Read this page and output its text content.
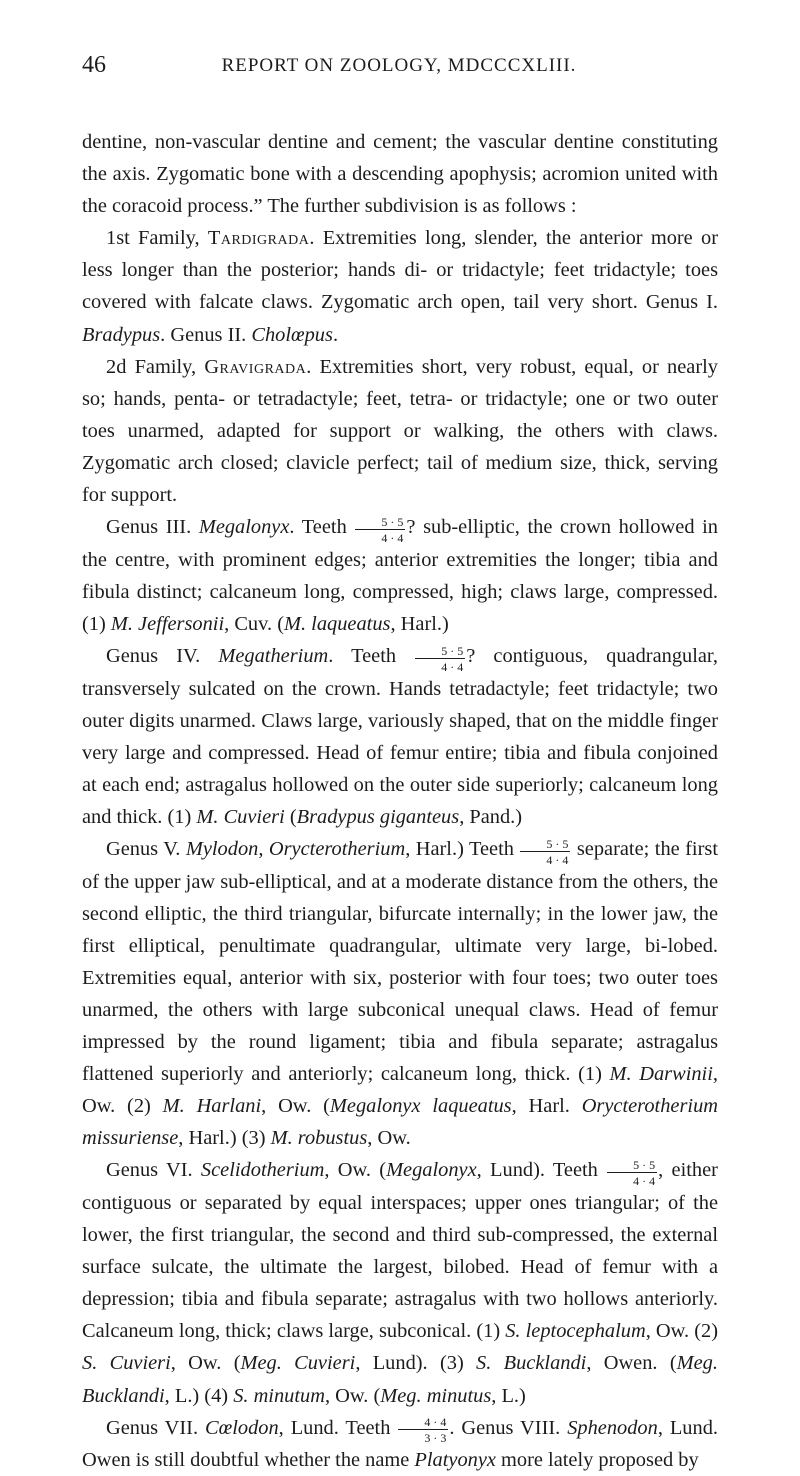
46	REPORT ON ZOOLOGY, MDCCCXLIII.

dentine, non-vascular dentine and cement; the vascular dentine constituting the axis. Zygomatic bone with a descending apophysis; acromion united with the coracoid process.” The further subdivision is as follows :

1st Family, Tardigrada. Extremities long, slender, the anterior more or less longer than the posterior; hands di- or tridactyle; feet tridactyle; toes covered with falcate claws. Zygomatic arch open, tail very short. Genus I. Bradypus. Genus II. Cholœpus.

2d Family, Gravigrada. Extremities short, very robust, equal, or nearly so; hands, penta- or tetradactyle; feet, tetra- or tridactyle; one or two outer toes unarmed, adapted for support or walking, the others with claws. Zygomatic arch closed; clavicle perfect; tail of medium size, thick, serving for support.

Genus III. Megalonyx. Teeth $\frac{5 \cdot 5}{4 \cdot 4}$ ? sub-elliptic, the crown hollowed in the centre, with prominent edges; anterior extremities the longer; tibia and fibula distinct; calcaneum long, compressed, high; claws large, compressed. (1) M. Jeffersonii, Cuv. (M. laqueatus, Harl.)

Genus IV. Megatherium. Teeth $\frac{5 \cdot 5}{4 \cdot 4}$ ? contiguous, quadrangular, transversely sulcated on the crown. Hands tetradactyle; feet tridactyle; two outer digits unarmed. Claws large, variously shaped, that on the middle finger very large and compressed. Head of femur entire; tibia and fibula conjoined at each end; astragalus hollowed on the outer side superiorly; calcaneum long and thick. (1) M. Cuvieri (Bradypus giganteus, Pand.)

Genus V. Mylodon, Orycterotherium, Harl.) Teeth $\frac{5 \cdot 5}{4 \cdot 4}$ separate; the first of the upper jaw sub-elliptical, and at a moderate distance from the others, the second elliptic, the third triangular, bifurcate internally; in the lower jaw, the first elliptical, penultimate quadrangular, ultimate very large, bi-lobed. Extremities equal, anterior with six, posterior with four toes; two outer toes unarmed, the others with large subconical unequal claws. Head of femur impressed by the round ligament; tibia and fibula separate; astragalus flattened superiorly and anteriorly; calcaneum long, thick. (1) M. Darwinii, Ow. (2) M. Harlani, Ow. (Megalonyx laqueatus, Harl. Orycterotherium missuriense, Harl.) (3) M. robustus, Ow.

Genus VI. Scelidotherium, Ow. (Megalonyx, Lund). Teeth $\frac{5 \cdot 5}{4 \cdot 4}$ , either contiguous or separated by equal interspaces; upper ones triangular; of the lower, the first triangular, the second and third sub-compressed, the external surface sulcate, the ultimate the largest, bilobed. Head of femur with a depression; tibia and fibula separate; astragalus with two hollows anteriorly. Calcaneum long, thick; claws large, subconical. (1) S. leptocephalum, Ow. (2) S. Cuvieri, Ow. (Meg. Cuvieri, Lund). (3) S. Bucklandi, Owen. (Meg. Bucklandi, L.) (4) S. minutum, Ow. (Meg. minutus, L.)

Genus VII. Cœlodon, Lund. Teeth $\frac{4 \cdot 4}{3 \cdot 3}$ . Genus VIII. Sphenodon, Lund. Owen is still doubtful whether the name Platyonyx more lately proposed by
